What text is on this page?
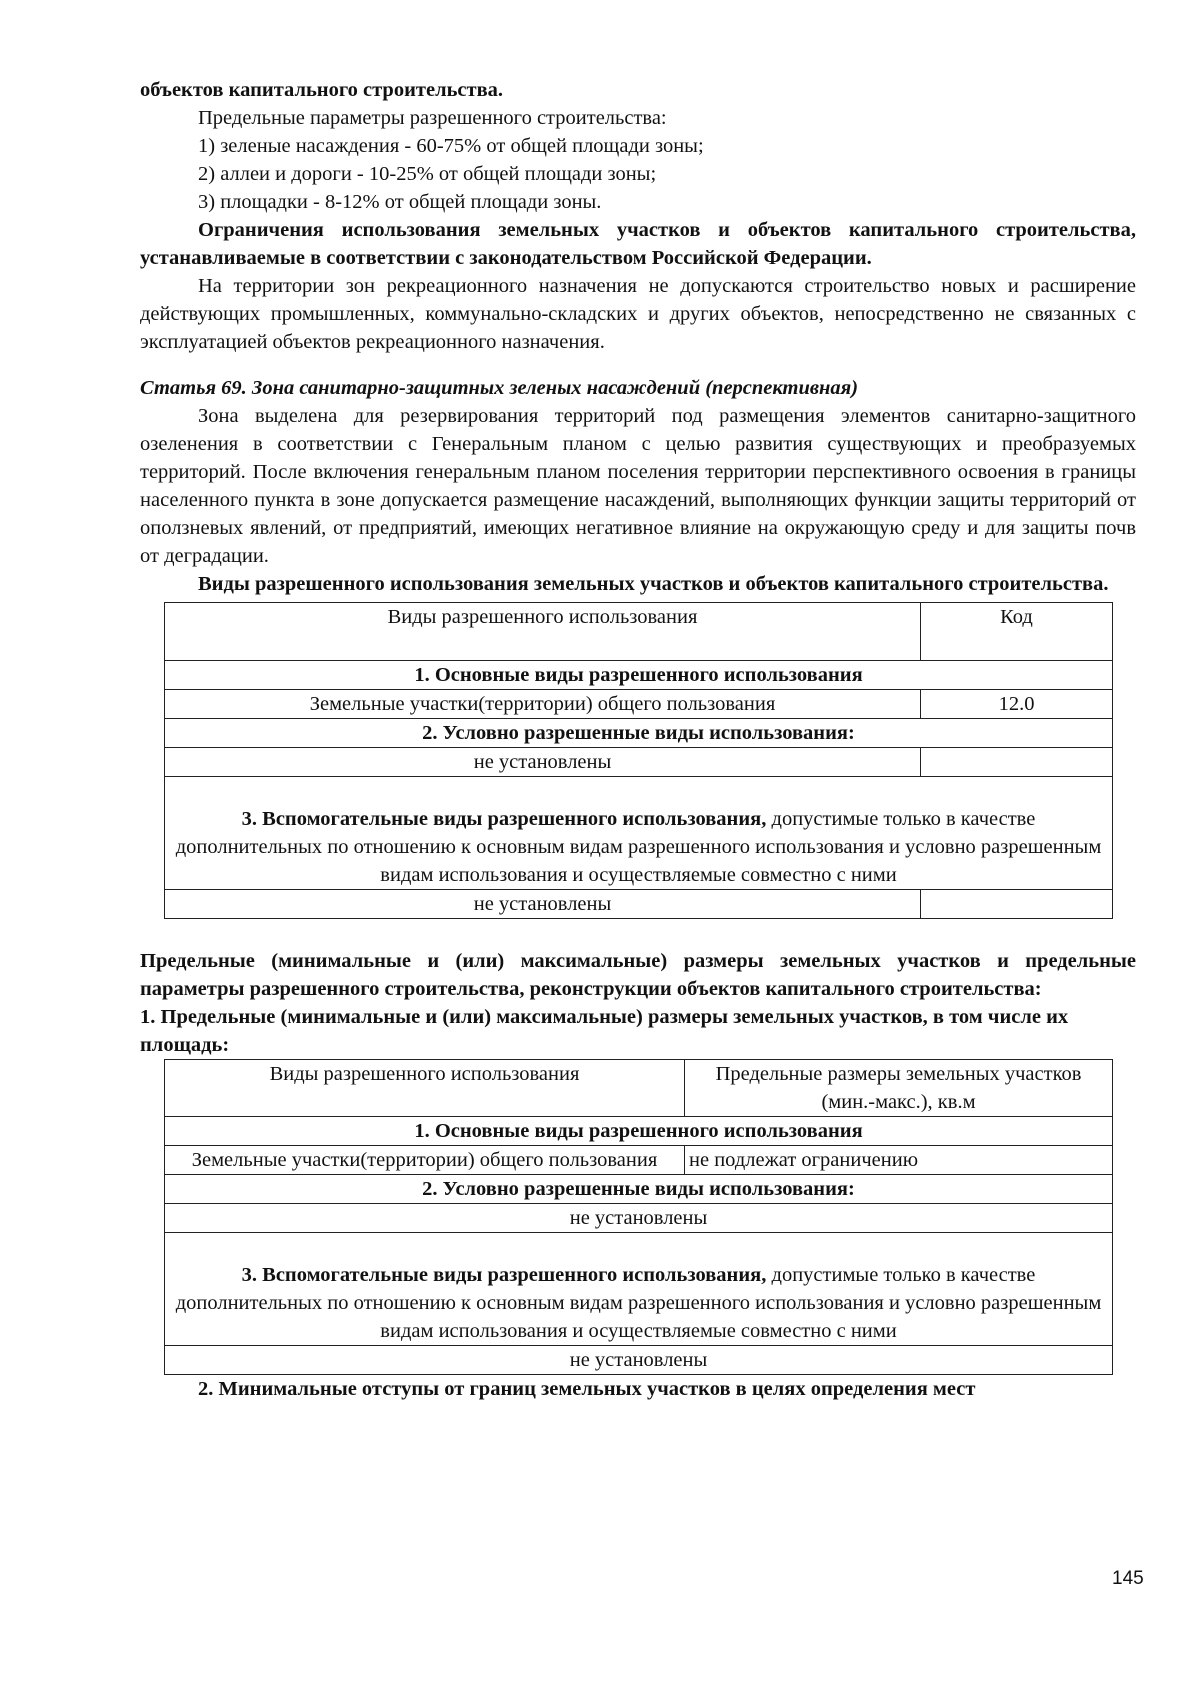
объектов капитального строительства.

Предельные параметры разрешенного строительства:

1) зеленые насаждения - 60-75% от общей площади зоны;

2) аллеи и дороги - 10-25% от общей площади зоны;

3) площадки - 8-12% от общей площади зоны.

Ограничения использования земельных участков и объектов капитального строительства, устанавливаемые в соответствии с законодательством Российской Федерации.

На территории зон рекреационного назначения не допускаются строительство новых и расширение действующих промышленных, коммунально-складских и других объектов, непосредственно не связанных с эксплуатацией объектов рекреационного назначения.

Статья 69. Зона санитарно-защитных зеленых насаждений (перспективная)

Зона выделена для резервирования территорий под размещения элементов санитарно-защитного озеленения в соответствии с Генеральным планом с целью развития существующих и преобразуемых территорий. После включения генеральным планом поселения территории перспективного освоения в границы населенного пункта в зоне допускается размещение насаждений, выполняющих функции защиты территорий от оползневых явлений, от предприятий, имеющих негативное влияние на окружающую среду и для защиты почв от деградации.

Виды разрешенного использования земельных участков и объектов капитального строительства.

Виды разрешенного использования	Код
1. Основные виды разрешенного использования	
Земельные участки(территории) общего пользования	12.0
2. Условно разрешенные виды использования:	
не установлены	
3. Вспомогательные виды разрешенного использования, допустимые только в качестве дополнительных по отношению к основным видам разрешенного использования и условно разрешенным видам использования и осуществляемые совместно с ними	
не установлены	

Предельные (минимальные и (или) максимальные) размеры земельных участков и предельные параметры разрешенного строительства, реконструкции объектов капитального строительства:

1. Предельные (минимальные и (или) максимальные) размеры земельных участков, в том числе их площадь:

Виды разрешенного использования	Предельные размеры земельных участков (мин.-макс.), кв.м
1. Основные виды разрешенного использования	
Земельные участки(территории) общего пользования	не подлежат ограничению
2. Условно разрешенные виды использования:	
не установлены	
3. Вспомогательные виды разрешенного использования, допустимые только в качестве дополнительных по отношению к основным видам разрешенного использования и условно разрешенным видам использования и осуществляемые совместно с ними	
не установлены	

2. Минимальные отступы от границ земельных участков в целях определения мест

145
